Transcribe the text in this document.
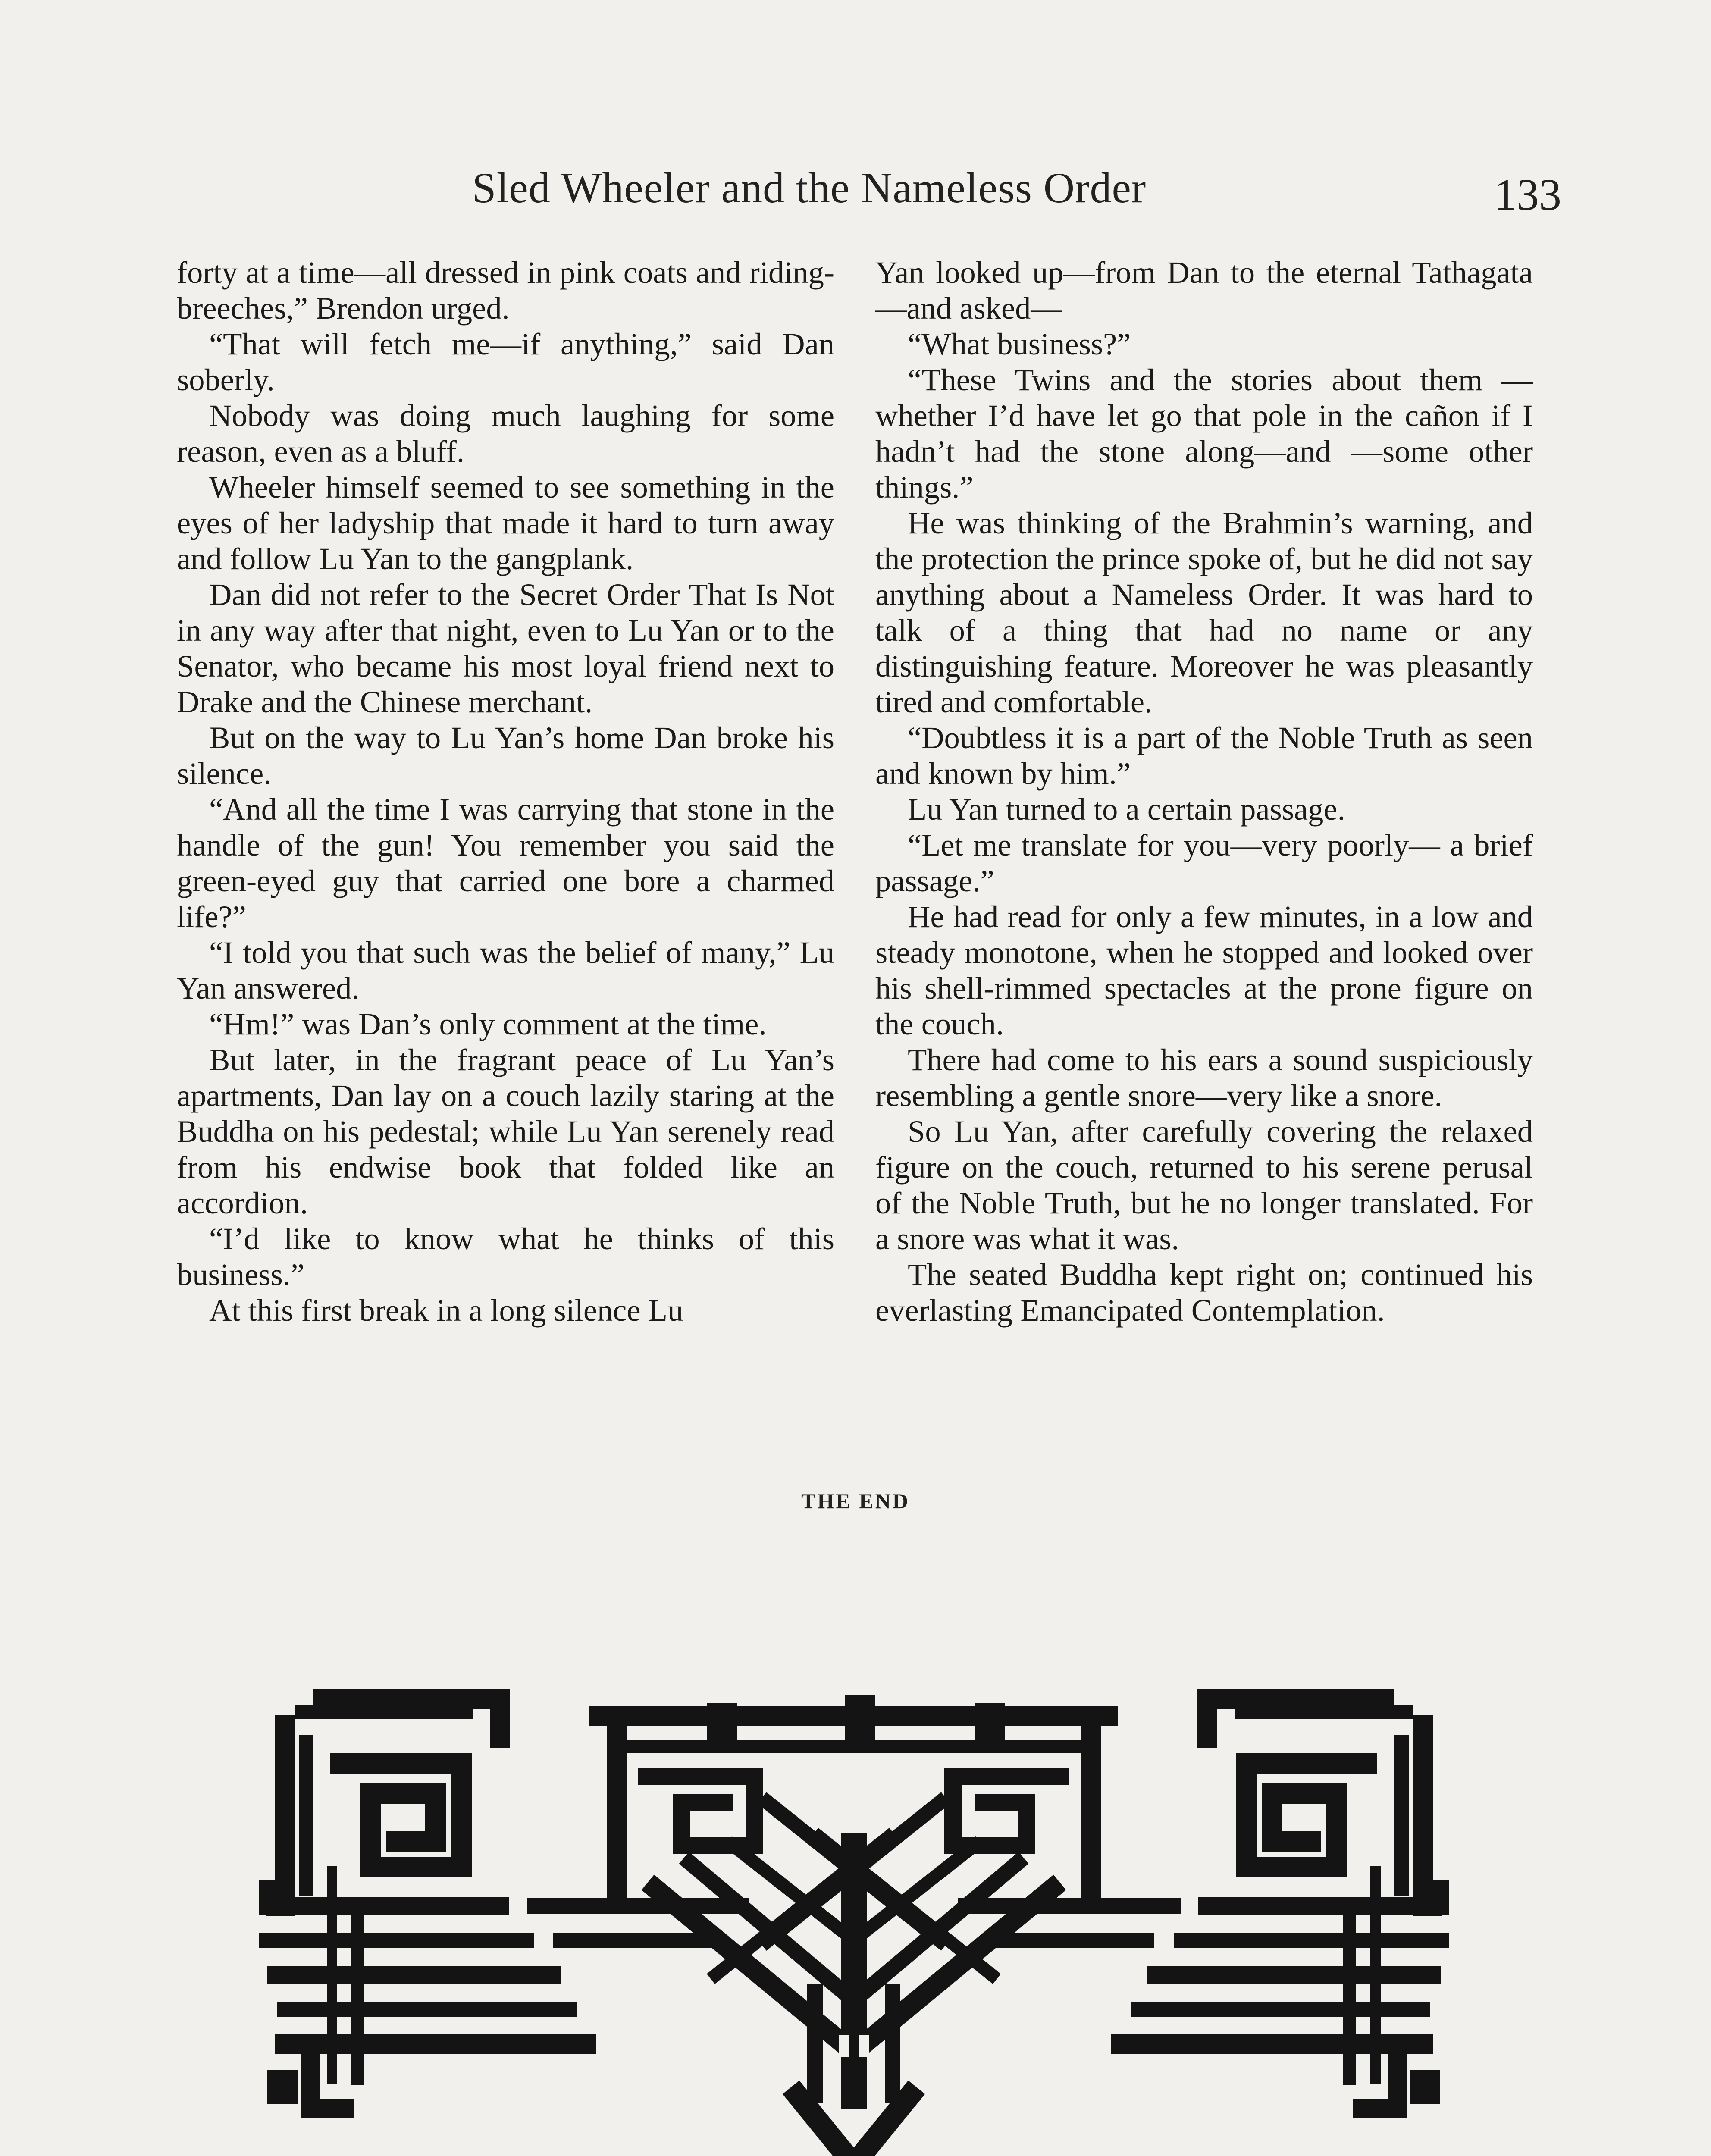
Sled Wheeler and the Nameless Order	133

forty at a time—all dressed in pink coats and riding-breeches,” Brendon urged.

“That will fetch me—if anything,” said Dan soberly.

Nobody was doing much laughing for some reason, even as a bluff.

Wheeler himself seemed to see something in the eyes of her ladyship that made it hard to turn away and follow Lu Yan to the gangplank.

Dan did not refer to the Secret Order That Is Not in any way after that night, even to Lu Yan or to the Senator, who became his most loyal friend next to Drake and the Chinese merchant.

But on the way to Lu Yan’s home Dan broke his silence.

“And all the time I was carrying that stone in the handle of the gun! You remember you said the green-eyed guy that carried one bore a charmed life?”

“I told you that such was the belief of many,” Lu Yan answered.

“Hm!” was Dan’s only comment at the time.

But later, in the fragrant peace of Lu Yan’s apartments, Dan lay on a couch lazily staring at the Buddha on his pedestal; while Lu Yan serenely read from his endwise book that folded like an accordion.

“I’d like to know what he thinks of this business.”

At this first break in a long silence Lu

Yan looked up—from Dan to the eternal Tathagata—and asked—

“What business?”

“These Twins and the stories about them —whether I’d have let go that pole in the cañon if I hadn’t had the stone along—and —some other things.”

He was thinking of the Brahmin’s warning, and the protection the prince spoke of, but he did not say anything about a Nameless Order. It was hard to talk of a thing that had no name or any distinguishing feature. Moreover he was pleasantly tired and comfortable.

“Doubtless it is a part of the Noble Truth as seen and known by him.”

Lu Yan turned to a certain passage.

“Let me translate for you—very poorly— a brief passage.”

He had read for only a few minutes, in a low and steady monotone, when he stopped and looked over his shell-rimmed spectacles at the prone figure on the couch.

There had come to his ears a sound suspiciously resembling a gentle snore—very like a snore.

So Lu Yan, after carefully covering the relaxed figure on the couch, returned to his serene perusal of the Noble Truth, but he no longer translated. For a snore was what it was.

The seated Buddha kept right on; continued his everlasting Emancipated Contemplation.

THE END
